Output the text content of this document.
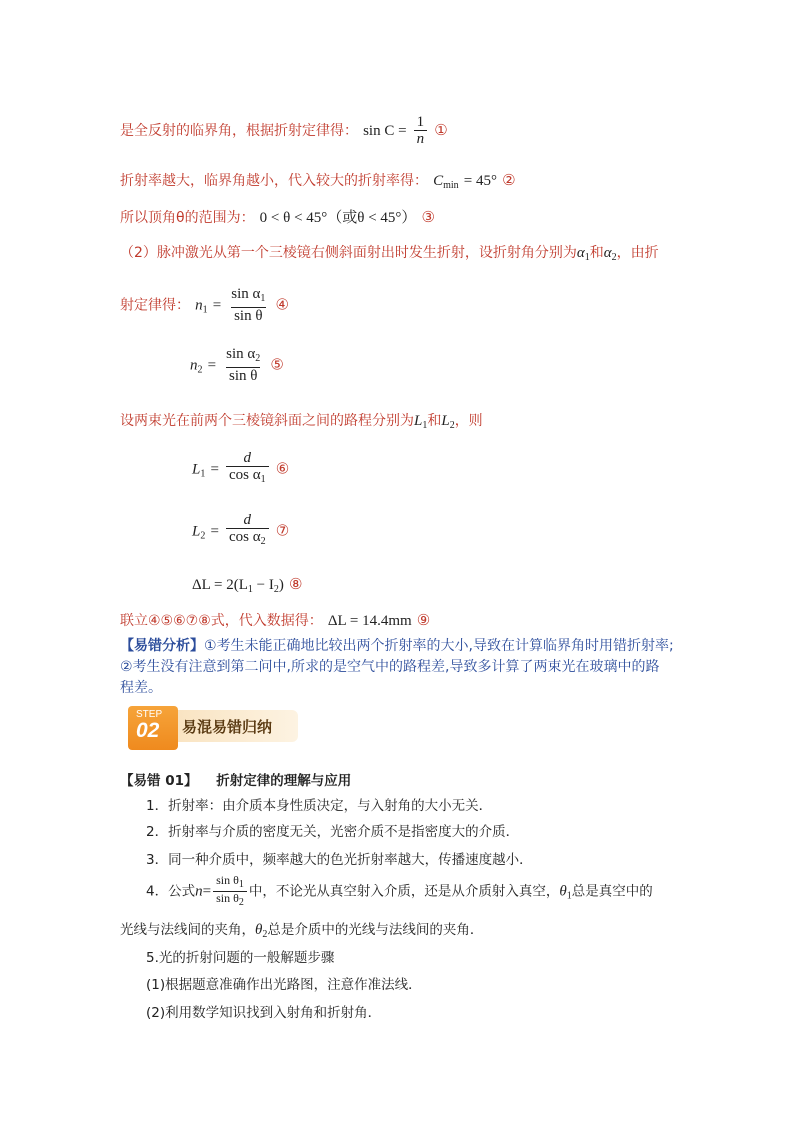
是全反射的临界角，根据折射定律得： $\sin C = \frac{1}{n}$ ①
折射率越大，临界角越小，代入较大的折射率得： $C_{min} = 45^\circ$ ②
所以顶角θ的范围为： 0 < θ < 45°（或θ < 45°） ③
（2）脉冲激光从第一个三棱镜右侧斜面射出时发生折射，设折射角分别为$\alpha_1$和$\alpha_2$，由折
射定律得： $n_1 = \frac{\sin \alpha_1}{\text{sin θ}}$ ④
$n_2 = \frac{\sin \alpha_2}{\text{sin θ}}$ ⑤
设两束光在前两个三棱镜斜面之间的路程分别为$L_1$和$L_2$，则
$L_1 = \frac{d}{\cos \alpha_1}$ ⑥
$L_2 = \frac{d}{\cos \alpha_2}$ ⑦
$\Delta L = 2(L_1 - I_2)$ ⑧
联立④⑤⑥⑦⑧式，代入数据得： ΔL = 14.4mm ⑨
【易错分析】①考生未能正确地比较出两个折射率的大小,导致在计算临界角时用错折射率;
②考生没有注意到第二问中,所求的是空气中的路程差,导致多计算了两束光在玻璃中的路
程差。
易混易错归纳
STEP
02
【易错 01】 折射定律的理解与应用
1．折射率：由介质本身性质决定，与入射角的大小无关．
2．折射率与介质的密度无关，光密介质不是指密度大的介质．
3．同一种介质中，频率越大的色光折射率越大，传播速度越小．
4．公式$n= \frac{\sin \theta_1}{\sin \theta_2}$ 中，不论光从真空射入介质，还是从介质射入真空，$\theta_1$总是真空中的
光线与法线间的夹角，$\theta_2$总是介质中的光线与法线间的夹角．
5.光的折射问题的一般解题步骤
(1)根据题意准确作出光路图，注意作准法线．
(2)利用数学知识找到入射角和折射角．
